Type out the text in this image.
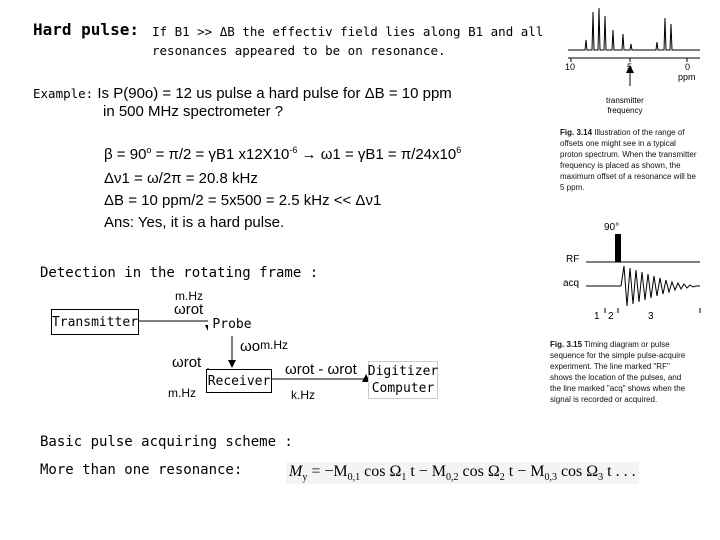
Hard pulse: If B1 >> ΔB the effectiv field lies along B1 and all
resonances appeared to be on resonance.
Example: Is P(90o) = 12 us pulse a hard pulse for ΔB = 10 ppm
in 500 MHz spectrometer ?
$\beta = 90^o = \pi/2 = \gamma B1$ $x12X10^{-6} \to \omega 1 = \gamma B1 = \pi/24x10^6$
Δν1 = ω/2π = 20.8 kHz
ΔB = 10 ppm/2 = 5x500 = 2.5 kHz << Δν1
Ans: Yes, it is a hard pulse.
Detection in the rotating frame :
Transmitter	Probe
Receiver
Digitizer
Computer
m.Hz
ωrot
$\omega o^{m.Hz}$
ωrot
m.Hz
ωrot - ωrot
k.Hz
Basic pulse acquiring scheme :
More than one resonance:	$M_y = -M_{0,1}$ $\cos \Omega_1$ $t - M_{0,2}$ $\cos \Omega_2$ $t - M_{0,3}$ $\cos \Omega_3$ t . . .
10	5	0
ppm
transmitter
frequency
Fig. 3.14 Illustration of the range of
offsets one might see in a typical
proton spectrum. When the transmitter
frequency is placed as shown, the
maximum offset of a resonance will be
5 ppm.
90°
RF
acq
1 2	3
Fig. 3.15 Timing diagram or pulse
sequence for the simple pulse-acquire
experiment. The line marked "RF"
shows the location of the pulses, and
the line marked "acq" shows when the
signal is recorded or acquired.
